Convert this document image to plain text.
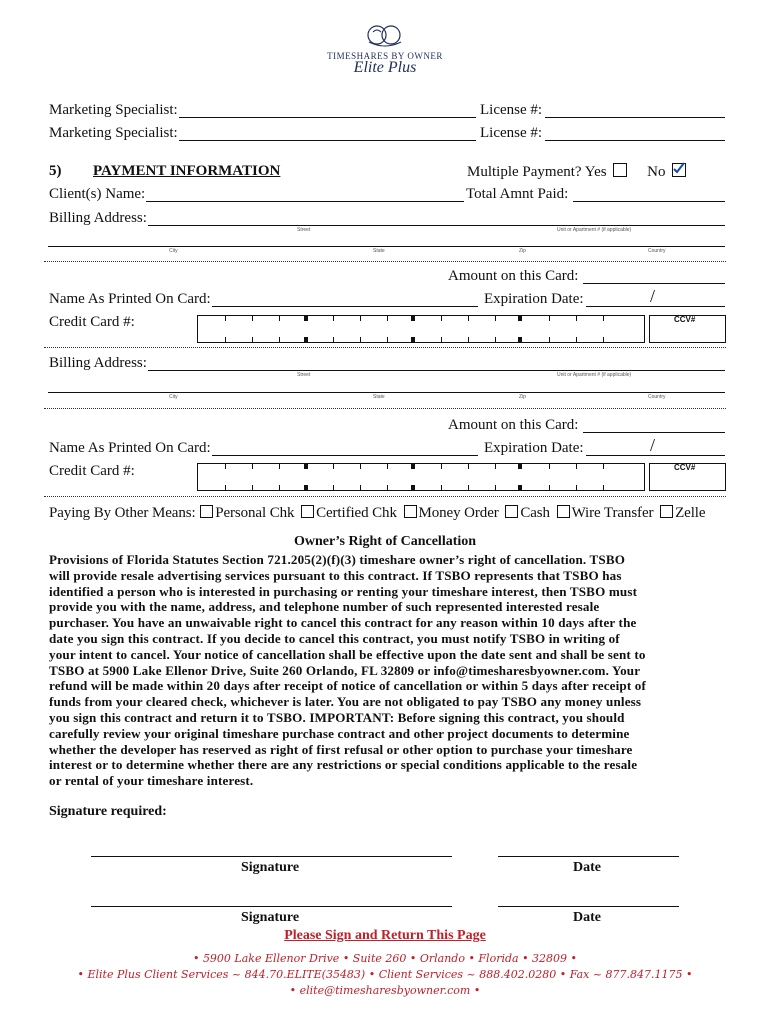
TIMESHARES BY OWNER
Elite Plus
Marketing Specialist:	License #:
Marketing Specialist:	License #:
5) PAYMENT INFORMATION	Multiple Payment? Yes	No
Client(s) Name:	Total Amnt Paid:
Billing Address:
Street	Unit or Apartment # (if applicable)
City	State	Zip	Country
Amount on this Card:
Name As Printed On Card:	Expiration Date:	/
Credit Card #:	CCV#
Billing Address:
Street	Unit or Apartment # (if applicable)
City	State	Zip	Country
Amount on this Card:
Name As Printed On Card:	Expiration Date:	/
Credit Card #:	CCV#
Paying By Other Means: Personal Chk Certified Chk Money Order Cash Wire Transfer Zelle
Owner’s Right of Cancellation
Provisions of Florida Statutes Section 721.205(2)(f)(3) timeshare owner’s right of cancellation. TSBO
will provide resale advertising services pursuant to this contract. If TSBO represents that TSBO has
identified a person who is interested in purchasing or renting your timeshare interest, then TSBO must
provide you with the name, address, and telephone number of such represented interested resale
purchaser. You have an unwaivable right to cancel this contract for any reason within 10 days after the
date you sign this contract. If you decide to cancel this contract, you must notify TSBO in writing of
your intent to cancel. Your notice of cancellation shall be effective upon the date sent and shall be sent to
TSBO at 5900 Lake Ellenor Drive, Suite 260 Orlando, FL 32809 or info@timesharesbyowner.com. Your
refund will be made within 20 days after receipt of notice of cancellation or within 5 days after receipt of
funds from your cleared check, whichever is later. You are not obligated to pay TSBO any money unless
you sign this contract and return it to TSBO. IMPORTANT: Before signing this contract, you should
carefully review your original timeshare purchase contract and other project documents to determine
whether the developer has reserved as right of first refusal or other option to purchase your timeshare
interest or to determine whether there are any restrictions or special conditions applicable to the resale
or rental of your timeshare interest.
Signature required:
Signature	Date
Signature	Date
Please Sign and Return This Page
• 5900 Lake Ellenor Drive • Suite 260 • Orlando • Florida • 32809 •
• Elite Plus Client Services ~ 844.70.ELITE(35483) • Client Services ~ 888.402.0280 • Fax ~ 877.847.1175 •
• elite@timesharesbyowner.com •
